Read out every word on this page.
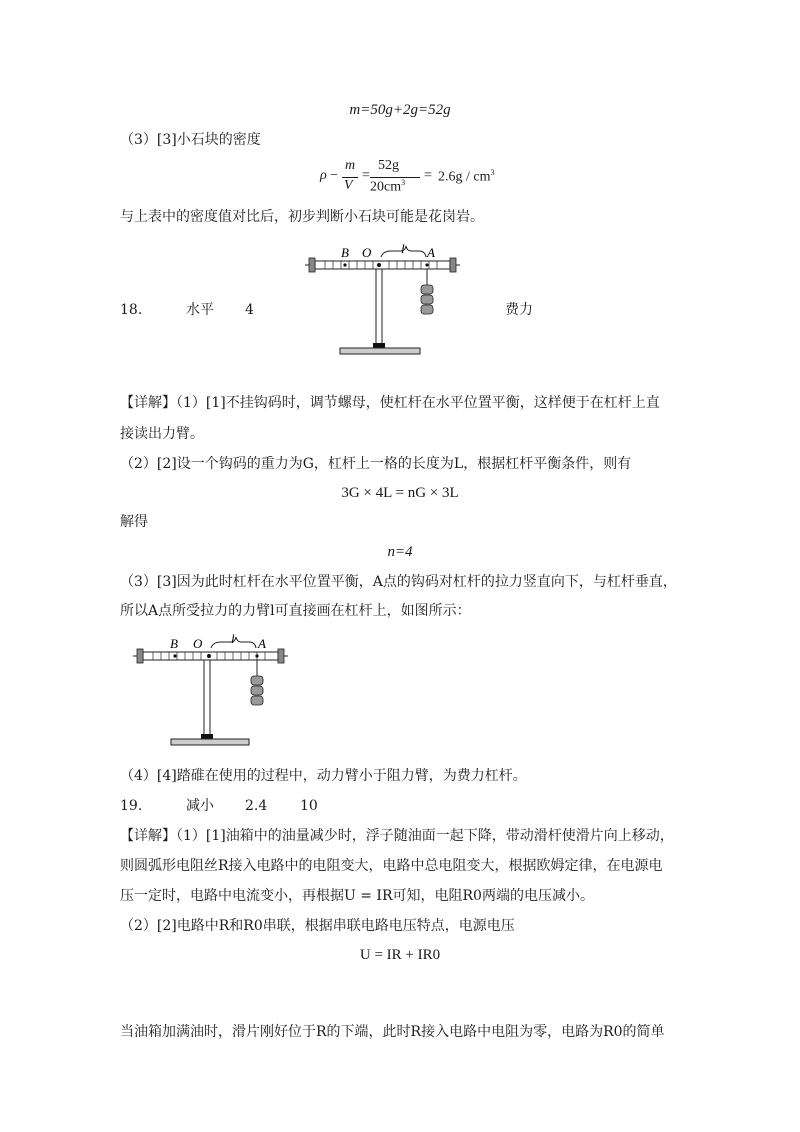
m=50g+2g=52g
（3）[3]小石块的密度
ρ −
m
V
=
52g
$20cm^3 = 2.6g / cm^3$
与上表中的密度值对比后，初步判断小石块可能是花岗岩。
18.	水平 4	费力
B O l A
【详解】（1）[1]不挂钩码时，调节螺母，使杠杆在水平位置平衡，这样便于在杠杆上直
接读出力臂。
（2）[2]设一个钩码的重力为G，杠杆上一格的长度为L，根据杠杆平衡条件，则有
3G × 4L = nG × 3L
解得
n=4
（3）[3]因为此时杠杆在水平位置平衡，A点的钩码对杠杆的拉力竖直向下，与杠杆垂直，
所以A点所受拉力的力臂l可直接画在杠杆上，如图所示：
B O l A
（4）[4]踏碓在使用的过程中，动力臂小于阻力臂，为费力杠杆。
19.	减小 2.4 10
【详解】（1）[1]油箱中的油量减少时，浮子随油面一起下降，带动滑杆使滑片向上移动，
则圆弧形电阻丝R接入电路中的电阻变大，电路中总电阻变大，根据欧姆定律，在电源电
压一定时，电路中电流变小，再根据U = IR可知，电阻R0两端的电压减小。
（2）[2]电路中R和R0串联，根据串联电路电压特点，电源电压
U = IR + IR0
当油箱加满油时，滑片刚好位于R的下端，此时R接入电路中电阻为零，电路为R0的简单
